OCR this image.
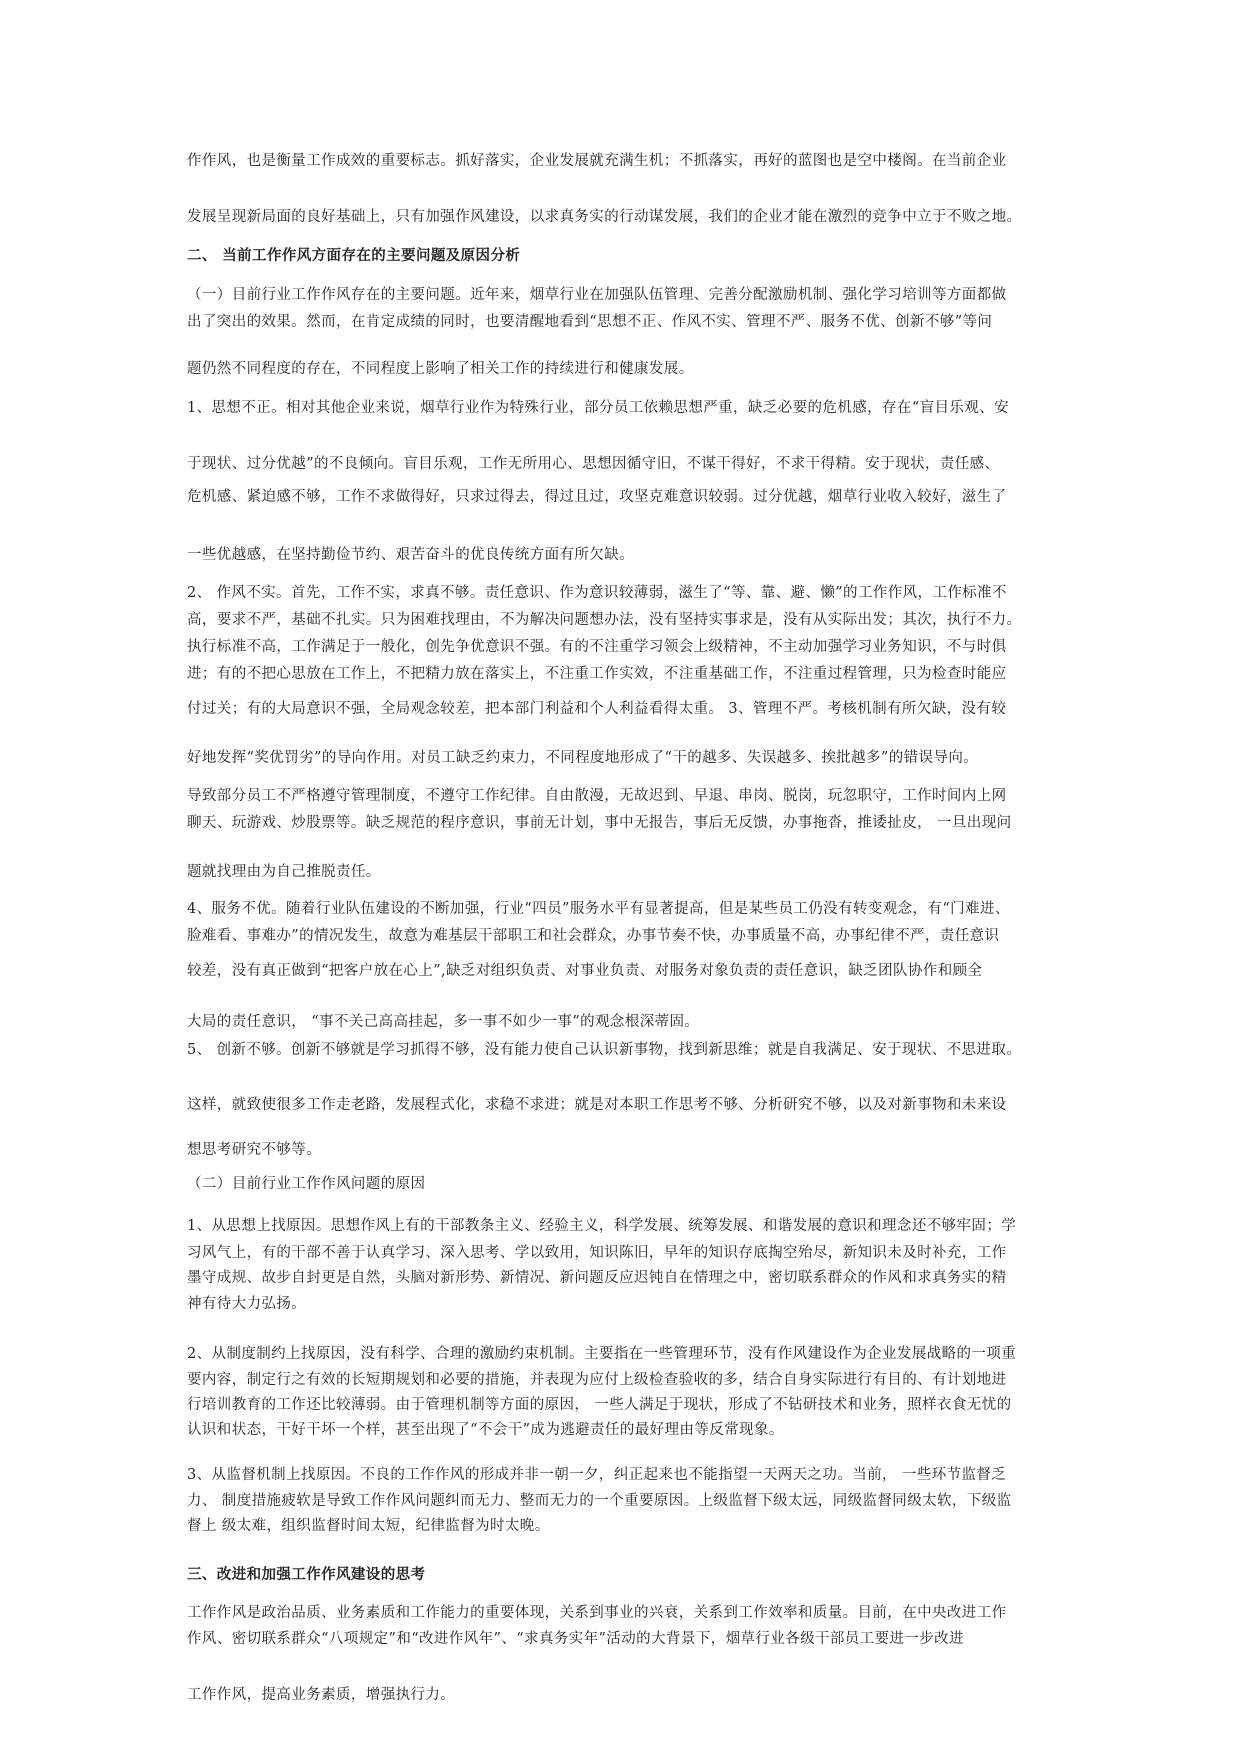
作作风，也是衡量工作成效的重要标志。抓好落实，企业发展就充满生机；不抓落实，再好的蓝图也是空中楼阁。在当前企业
发展呈现新局面的良好基础上，只有加强作风建设，以求真务实的行动谋发展，我们的企业才能在激烈的竞争中立于不败之地。
二、 当前工作作风方面存在的主要问题及原因分析
（一）目前行业工作作风存在的主要问题。近年来，烟草行业在加强队伍管理、完善分配激励机制、强化学习培训等方面都做
出了突出的效果。然而，在肯定成绩的同时，也要清醒地看到“思想不正、作风不实、管理不严、服务不优、创新不够”等问
题仍然不同程度的存在，不同程度上影响了相关工作的持续进行和健康发展。
1、思想不正。相对其他企业来说，烟草行业作为特殊行业，部分员工依赖思想严重，缺乏必要的危机感，存在“盲目乐观、安
于现状、过分优越”的不良倾向。盲目乐观，工作无所用心、思想因循守旧，不谋干得好，不求干得精。安于现状，责任感、
危机感、紧迫感不够，工作不求做得好，只求过得去，得过且过，攻坚克难意识较弱。过分优越，烟草行业收入较好，滋生了
一些优越感，在坚持勤俭节约、艰苦奋斗的优良传统方面有所欠缺。
2、 作风不实。首先，工作不实，求真不够。责任意识、作为意识较薄弱，滋生了“等、靠、避、懒”的工作作风，工作标准不
高，要求不严，基础不扎实。只为困难找理由，不为解决问题想办法，没有坚持实事求是，没有从实际出发；其次，执行不力。
执行标准不高，工作满足于一般化，创先争优意识不强。有的不注重学习领会上级精神，不主动加强学习业务知识，不与时俱
进；有的不把心思放在工作上，不把精力放在落实上，不注重工作实效，不注重基础工作，不注重过程管理，只为检查时能应
付过关；有的大局意识不强，全局观念较差，把本部门利益和个人利益看得太重。 3、管理不严。考核机制有所欠缺，没有较
好地发挥“奖优罚劣”的导向作用。对员工缺乏约束力，不同程度地形成了“干的越多、失误越多、挨批越多”的错误导向。
导致部分员工不严格遵守管理制度，不遵守工作纪律。自由散漫，无故迟到、早退、串岗、脱岗，玩忽职守，工作时间内上网
聊天、玩游戏、炒股票等。缺乏规范的程序意识，事前无计划，事中无报告，事后无反馈，办事拖沓，推诿扯皮， 一旦出现问
题就找理由为自己推脱责任。
4、服务不优。随着行业队伍建设的不断加强，行业“四员”服务水平有显著提高，但是某些员工仍没有转变观念，有“门难进、
脸难看、事难办”的情况发生，故意为难基层干部职工和社会群众，办事节奏不快，办事质量不高，办事纪律不严，责任意识
较差，没有真正做到“把客户放在心上”,缺乏对组织负责、对事业负责、对服务对象负责的责任意识，缺乏团队协作和顾全
大局的责任意识， “事不关己高高挂起，多一事不如少一事”的观念根深蒂固。
5、 创新不够。创新不够就是学习抓得不够，没有能力使自己认识新事物，找到新思维；就是自我满足、安于现状、不思进取。
这样，就致使很多工作走老路，发展程式化，求稳不求进；就是对本职工作思考不够、分析研究不够，以及对新事物和未来设
想思考研究不够等。
（二）目前行业工作作风问题的原因
1、从思想上找原因。思想作风上有的干部教条主义、经验主义，科学发展、统筹发展、和谐发展的意识和理念还不够牢固；学
习风气上，有的干部不善于认真学习、深入思考、学以致用，知识陈旧，早年的知识存底掏空殆尽，新知识未及时补充，工作
墨守成规、故步自封更是自然，头脑对新形势、新情况、新问题反应迟钝自在情理之中，密切联系群众的作风和求真务实的精
神有待大力弘扬。
2、从制度制约上找原因，没有科学、合理的激励约束机制。主要指在一些管理环节，没有作风建设作为企业发展战略的一项重
要内容，制定行之有效的长短期规划和必要的措施，并表现为应付上级检查验收的多，结合自身实际进行有目的、有计划地进
行培训教育的工作还比较薄弱。由于管理机制等方面的原因， 一些人满足于现状，形成了不钻研技术和业务，照样衣食无忧的
认识和状态，干好干坏一个样，甚至出现了“不会干”成为逃避责任的最好理由等反常现象。
3、从监督机制上找原因。不良的工作作风的形成并非一朝一夕，纠正起来也不能指望一天两天之功。当前， 一些环节监督乏
力、 制度措施疲软是导致工作作风问题纠而无力、整而无力的一个重要原因。上级监督下级太远，同级监督同级太软，下级监
督上 级太难，组织监督时间太短，纪律监督为时太晚。
三、改进和加强工作作风建设的思考
工作作风是政治品质、业务素质和工作能力的重要体现，关系到事业的兴衰，关系到工作效率和质量。目前，在中央改进工作
作风、密切联系群众“八项规定”和“改进作风年”、“求真务实年”活动的大背景下，烟草行业各级干部员工要进一步改进
工作作风，提高业务素质，增强执行力。
